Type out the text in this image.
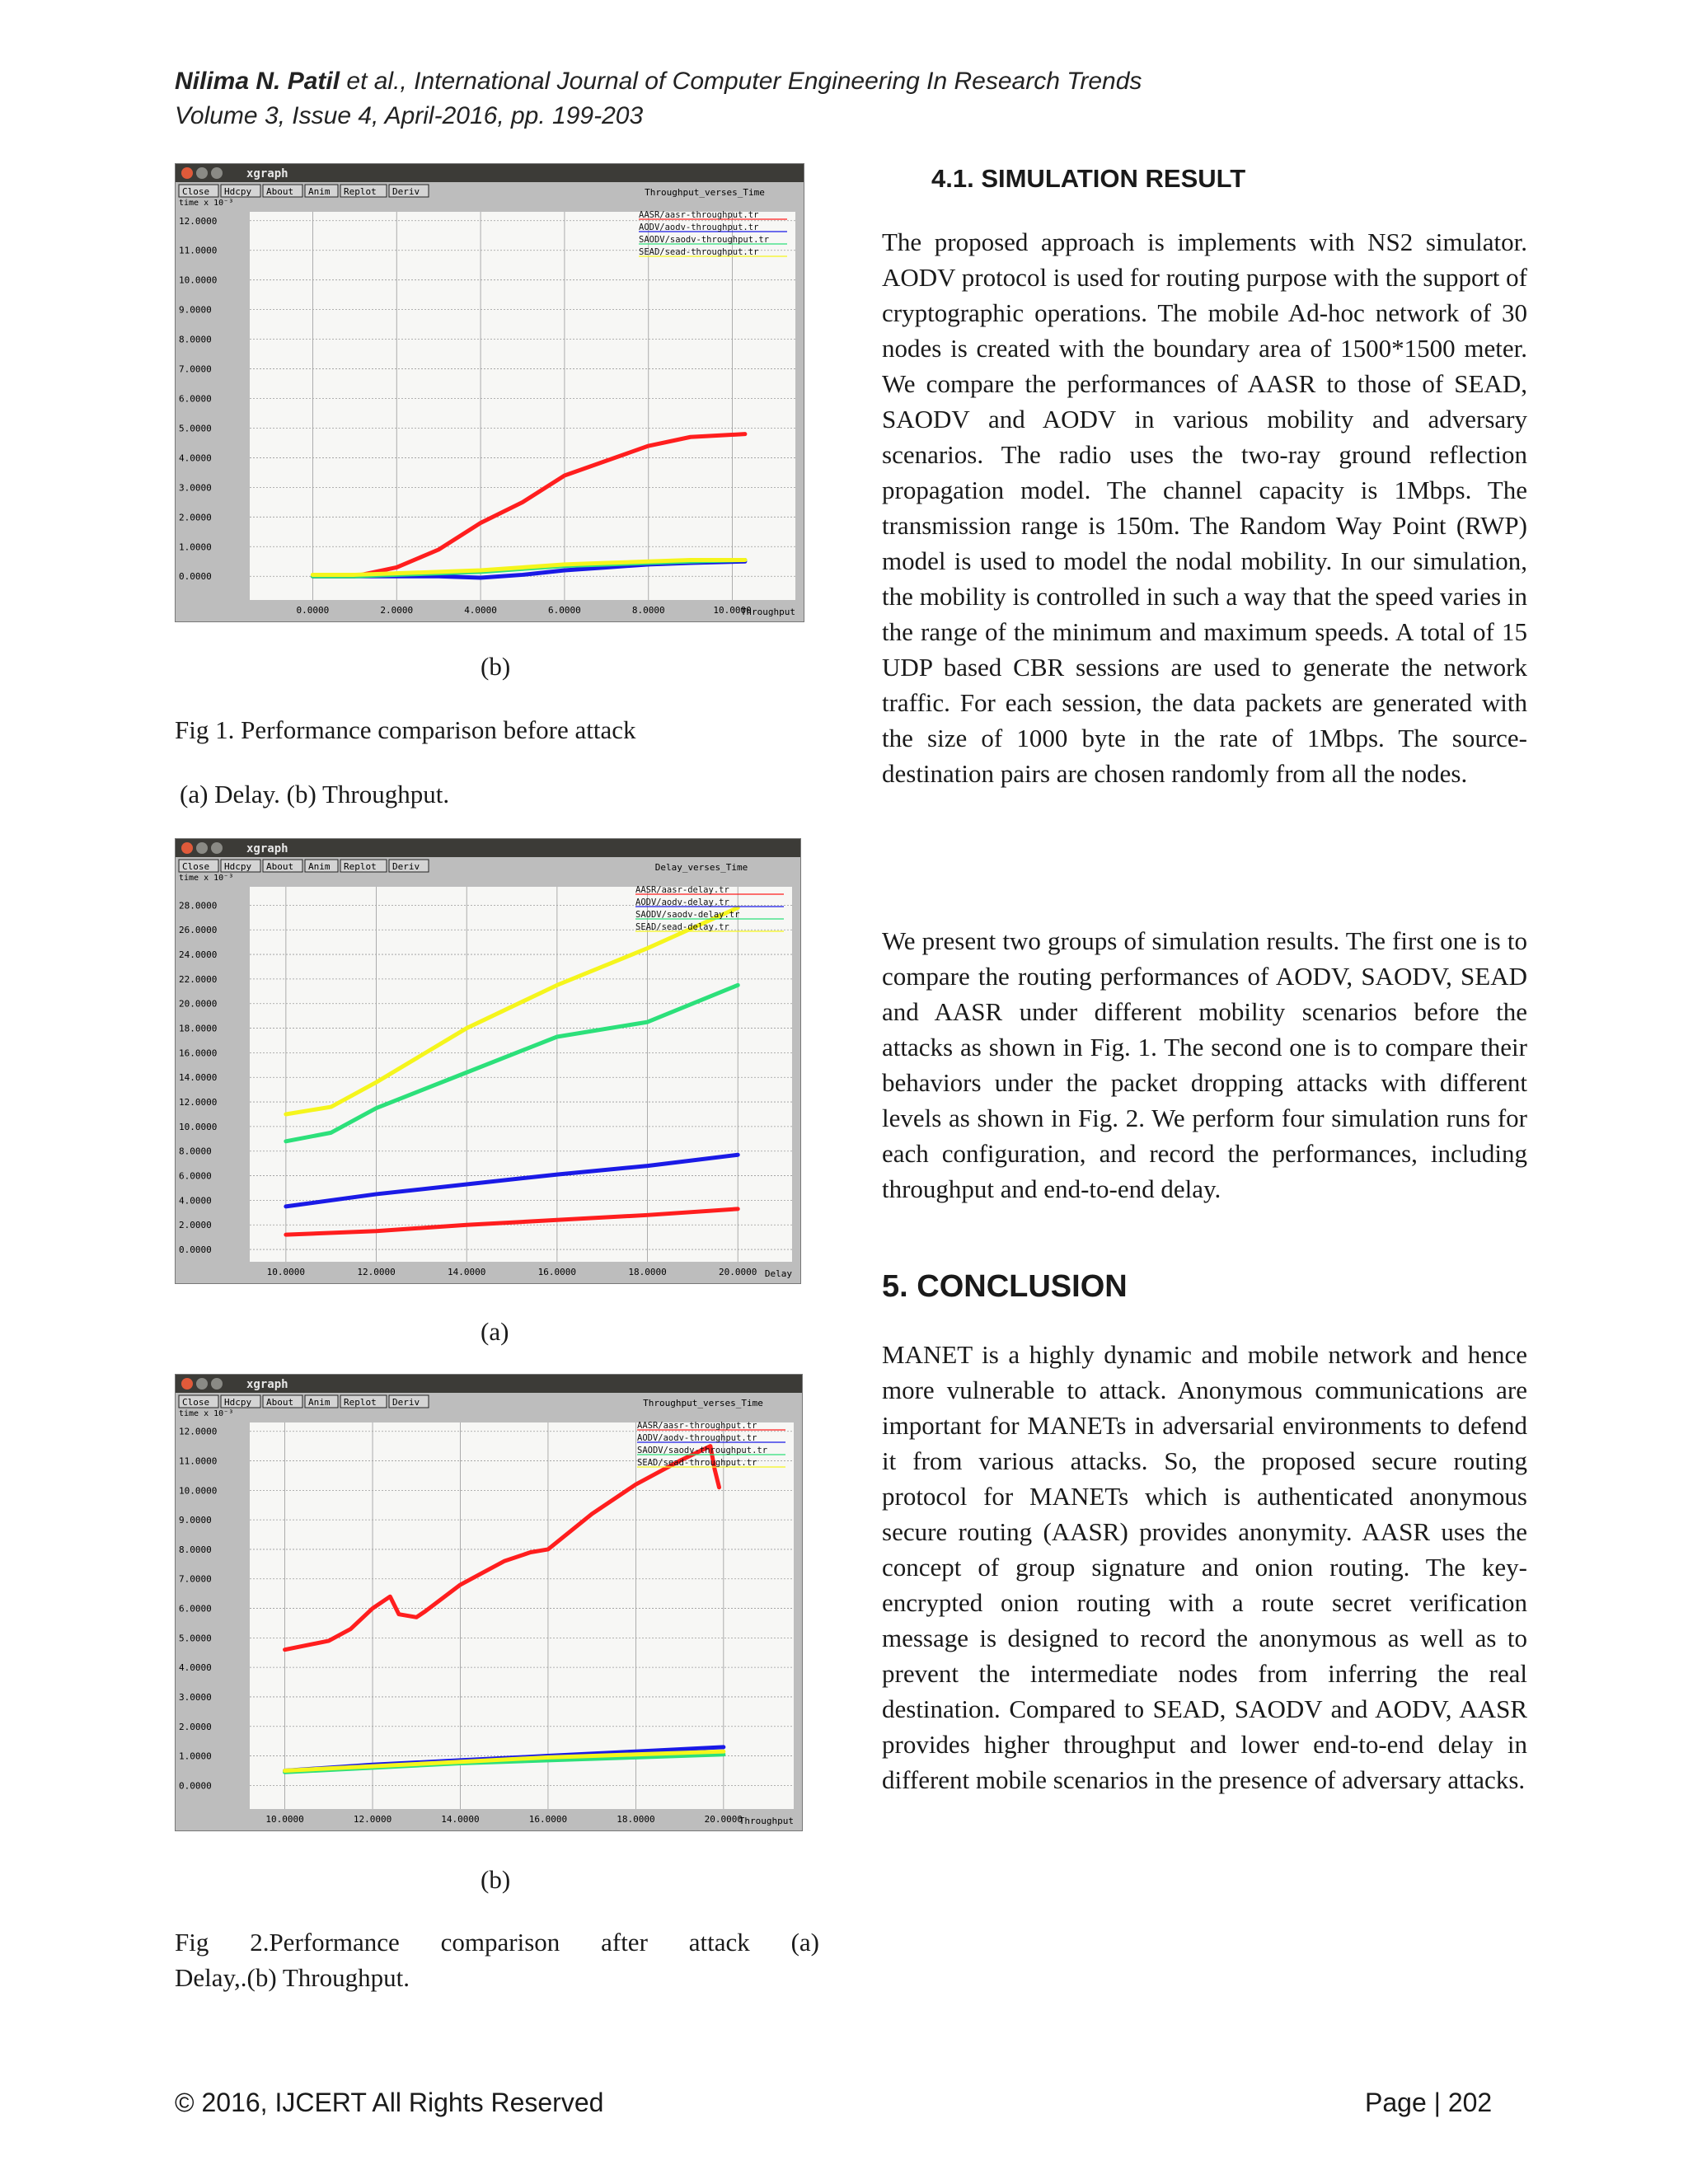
Nilima N. Patil et al., International Journal of Computer Engineering In Research Trends
Volume 3, Issue 4, April-2016, pp. 199-203
xgraph
Close Hdcpy About Anim Replot Deriv
time x 10⁻³
Throughput_verses_Time
0.0000
1.0000
2.0000
3.0000
4.0000
5.0000
6.0000
7.0000
8.0000
9.0000
10.0000
11.0000
12.0000
0.0000	2.0000	4.0000	6.0000	8.0000	10.0000
Throughput
AASR/aasr-throughput.tr
AODV/aodv-throughput.tr
SAODV/saodv-throughput.tr
SEAD/sead-throughput.tr
(b)
Fig 1. Performance comparison before attack
(a) Delay. (b) Throughput.
xgraph
Close Hdcpy About Anim Replot Deriv
time x 10⁻³
Delay_verses_Time
0.0000
2.0000
4.0000
6.0000
8.0000
10.0000
12.0000
14.0000
16.0000
18.0000
20.0000
22.0000
24.0000
26.0000
28.0000
10.0000	12.0000	14.0000	16.0000	18.0000	20.0000 Delay
AASR/aasr-delay.tr
AODV/aodv-delay.tr
SAODV/saodv-delay.tr
SEAD/sead-delay.tr
(a)
xgraph
Close Hdcpy About Anim Replot Deriv
time x 10⁻³
Throughput_verses_Time
0.0000
1.0000
2.0000
3.0000
4.0000
5.0000
6.0000
7.0000
8.0000
9.0000
10.0000
11.0000
12.0000
10.0000	12.0000	14.0000	16.0000	18.0000	20.0000
Throughput
AASR/aasr-throughput.tr
AODV/aodv-throughput.tr
SAODV/saodv-throughput.tr
SEAD/sead-throughput.tr
(b)
Fig 2.Performance comparison after attack (a)
Delay,.(b) Throughput.
4.1. SIMULATION RESULT

The proposed approach is implements with NS2 simulator. AODV protocol is used for routing purpose with the support of cryptographic operations. The mobile Ad-hoc network of 30 nodes is created with the boundary area of 1500*1500 meter. We compare the performances of AASR to those of SEAD, SAODV and AODV in various mobility and adversary scenarios. The radio uses the two-ray ground reflection propagation model. The channel capacity is 1Mbps. The transmission range is 150m. The Random Way Point (RWP) model is used to model the nodal mobility. In our simulation, the mobility is controlled in such a way that the speed varies in the range of the minimum and maximum speeds. A total of 15 UDP based CBR sessions are used to generate the network traffic. For each session, the data packets are generated with the size of 1000 byte in the rate of 1Mbps. The source-destination pairs are chosen randomly from all the nodes.

We present two groups of simulation results. The first one is to compare the routing performances of AODV, SAODV, SEAD and AASR under different mobility scenarios before the attacks as shown in Fig. 1. The second one is to compare their behaviors under the packet dropping attacks with different levels as shown in Fig. 2. We perform four simulation runs for each configuration, and record the performances, including throughput and end-to-end delay.

5. CONCLUSION

MANET is a highly dynamic and mobile network and hence more vulnerable to attack. Anonymous communications are important for MANETs in adversarial environments to defend it from various attacks. So, the proposed secure routing protocol for MANETs which is authenticated anonymous secure routing (AASR) provides anonymity. AASR uses the concept of group signature and onion routing. The key-encrypted onion routing with a route secret verification message is designed to record the anonymous as well as to prevent the intermediate nodes from inferring the real destination. Compared to SEAD, SAODV and AODV, AASR provides higher throughput and lower end-to-end delay in different mobile scenarios in the presence of adversary attacks.

© 2016, IJCERT All Rights Reserved	Page | 202
